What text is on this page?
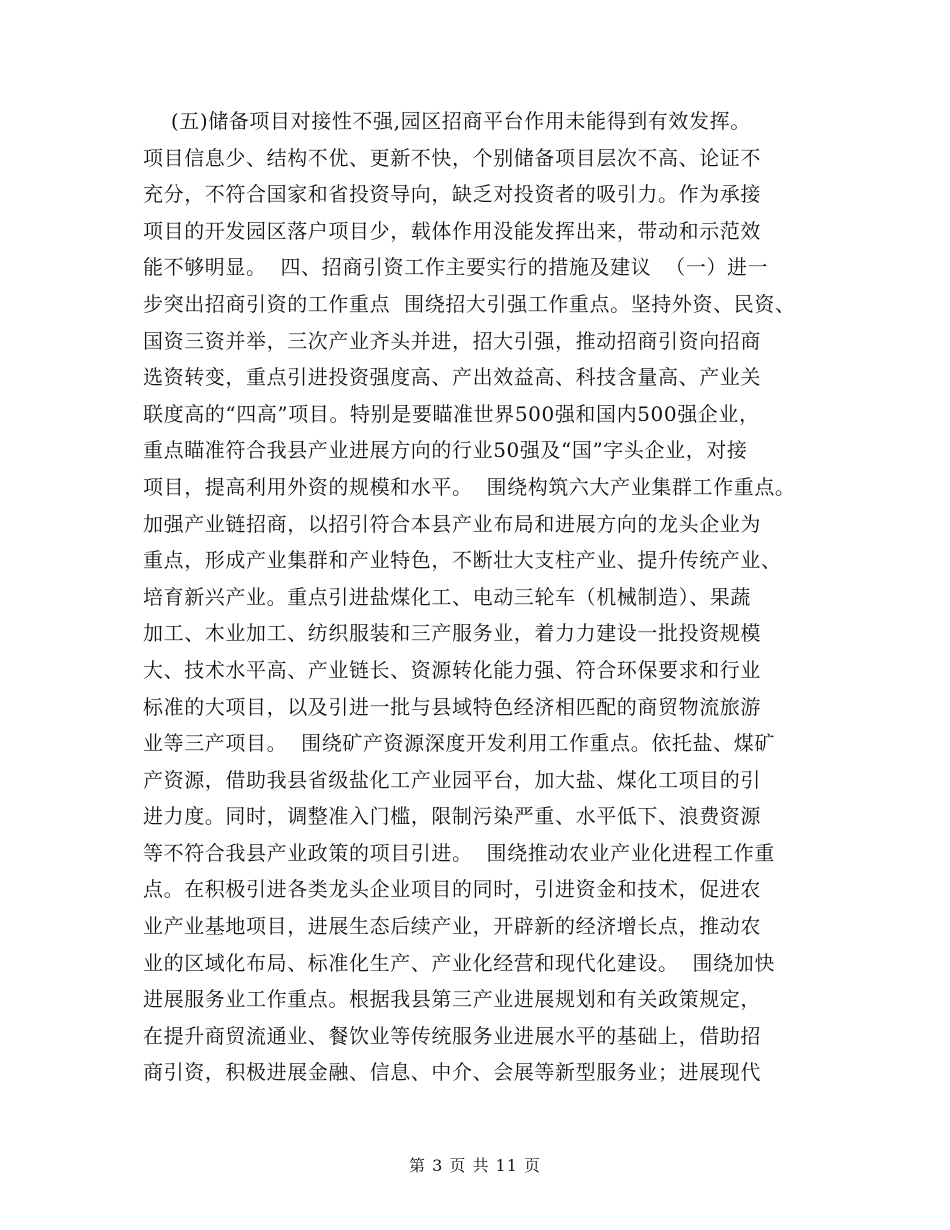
(五)储备项目对接性不强,园区招商平台作用未能得到有效发挥。
项目信息少、结构不优、更新不快，个别储备项目层次不高、论证不
充分，不符合国家和省投资导向，缺乏对投资者的吸引力。作为承接
项目的开发园区落户项目少，载体作用没能发挥出来，带动和示范效
能不够明显。  四、招商引资工作主要实行的措施及建议  （一）进一
步突出招商引资的工作重点  围绕招大引强工作重点。坚持外资、民资、
国资三资并举，三次产业齐头并进，招大引强，推动招商引资向招商
选资转变，重点引进投资强度高、产出效益高、科技含量高、产业关
联度高的“四高”项目。特别是要瞄准世界500强和国内500强企业，
重点瞄准符合我县产业进展方向的行业50强及“国”字头企业，对接
项目，提高利用外资的规模和水平。  围绕构筑六大产业集群工作重点。
加强产业链招商，以招引符合本县产业布局和进展方向的龙头企业为
重点，形成产业集群和产业特色，不断壮大支柱产业、提升传统产业、
培育新兴产业。重点引进盐煤化工、电动三轮车（机械制造）、果蔬
加工、木业加工、纺织服装和三产服务业，着力力建设一批投资规模
大、技术水平高、产业链长、资源转化能力强、符合环保要求和行业
标准的大项目，以及引进一批与县域特色经济相匹配的商贸物流旅游
业等三产项目。  围绕矿产资源深度开发利用工作重点。依托盐、煤矿
产资源，借助我县省级盐化工产业园平台，加大盐、煤化工项目的引
进力度。同时，调整准入门槛，限制污染严重、水平低下、浪费资源
等不符合我县产业政策的项目引进。  围绕推动农业产业化进程工作重
点。在积极引进各类龙头企业项目的同时，引进资金和技术，促进农
业产业基地项目，进展生态后续产业，开辟新的经济增长点，推动农
业的区域化布局、标准化生产、产业化经营和现代化建设。  围绕加快
进展服务业工作重点。根据我县第三产业进展规划和有关政策规定，
在提升商贸流通业、餐饮业等传统服务业进展水平的基础上，借助招
商引资，积极进展金融、信息、中介、会展等新型服务业；进展现代
第 3 页 共 11 页
